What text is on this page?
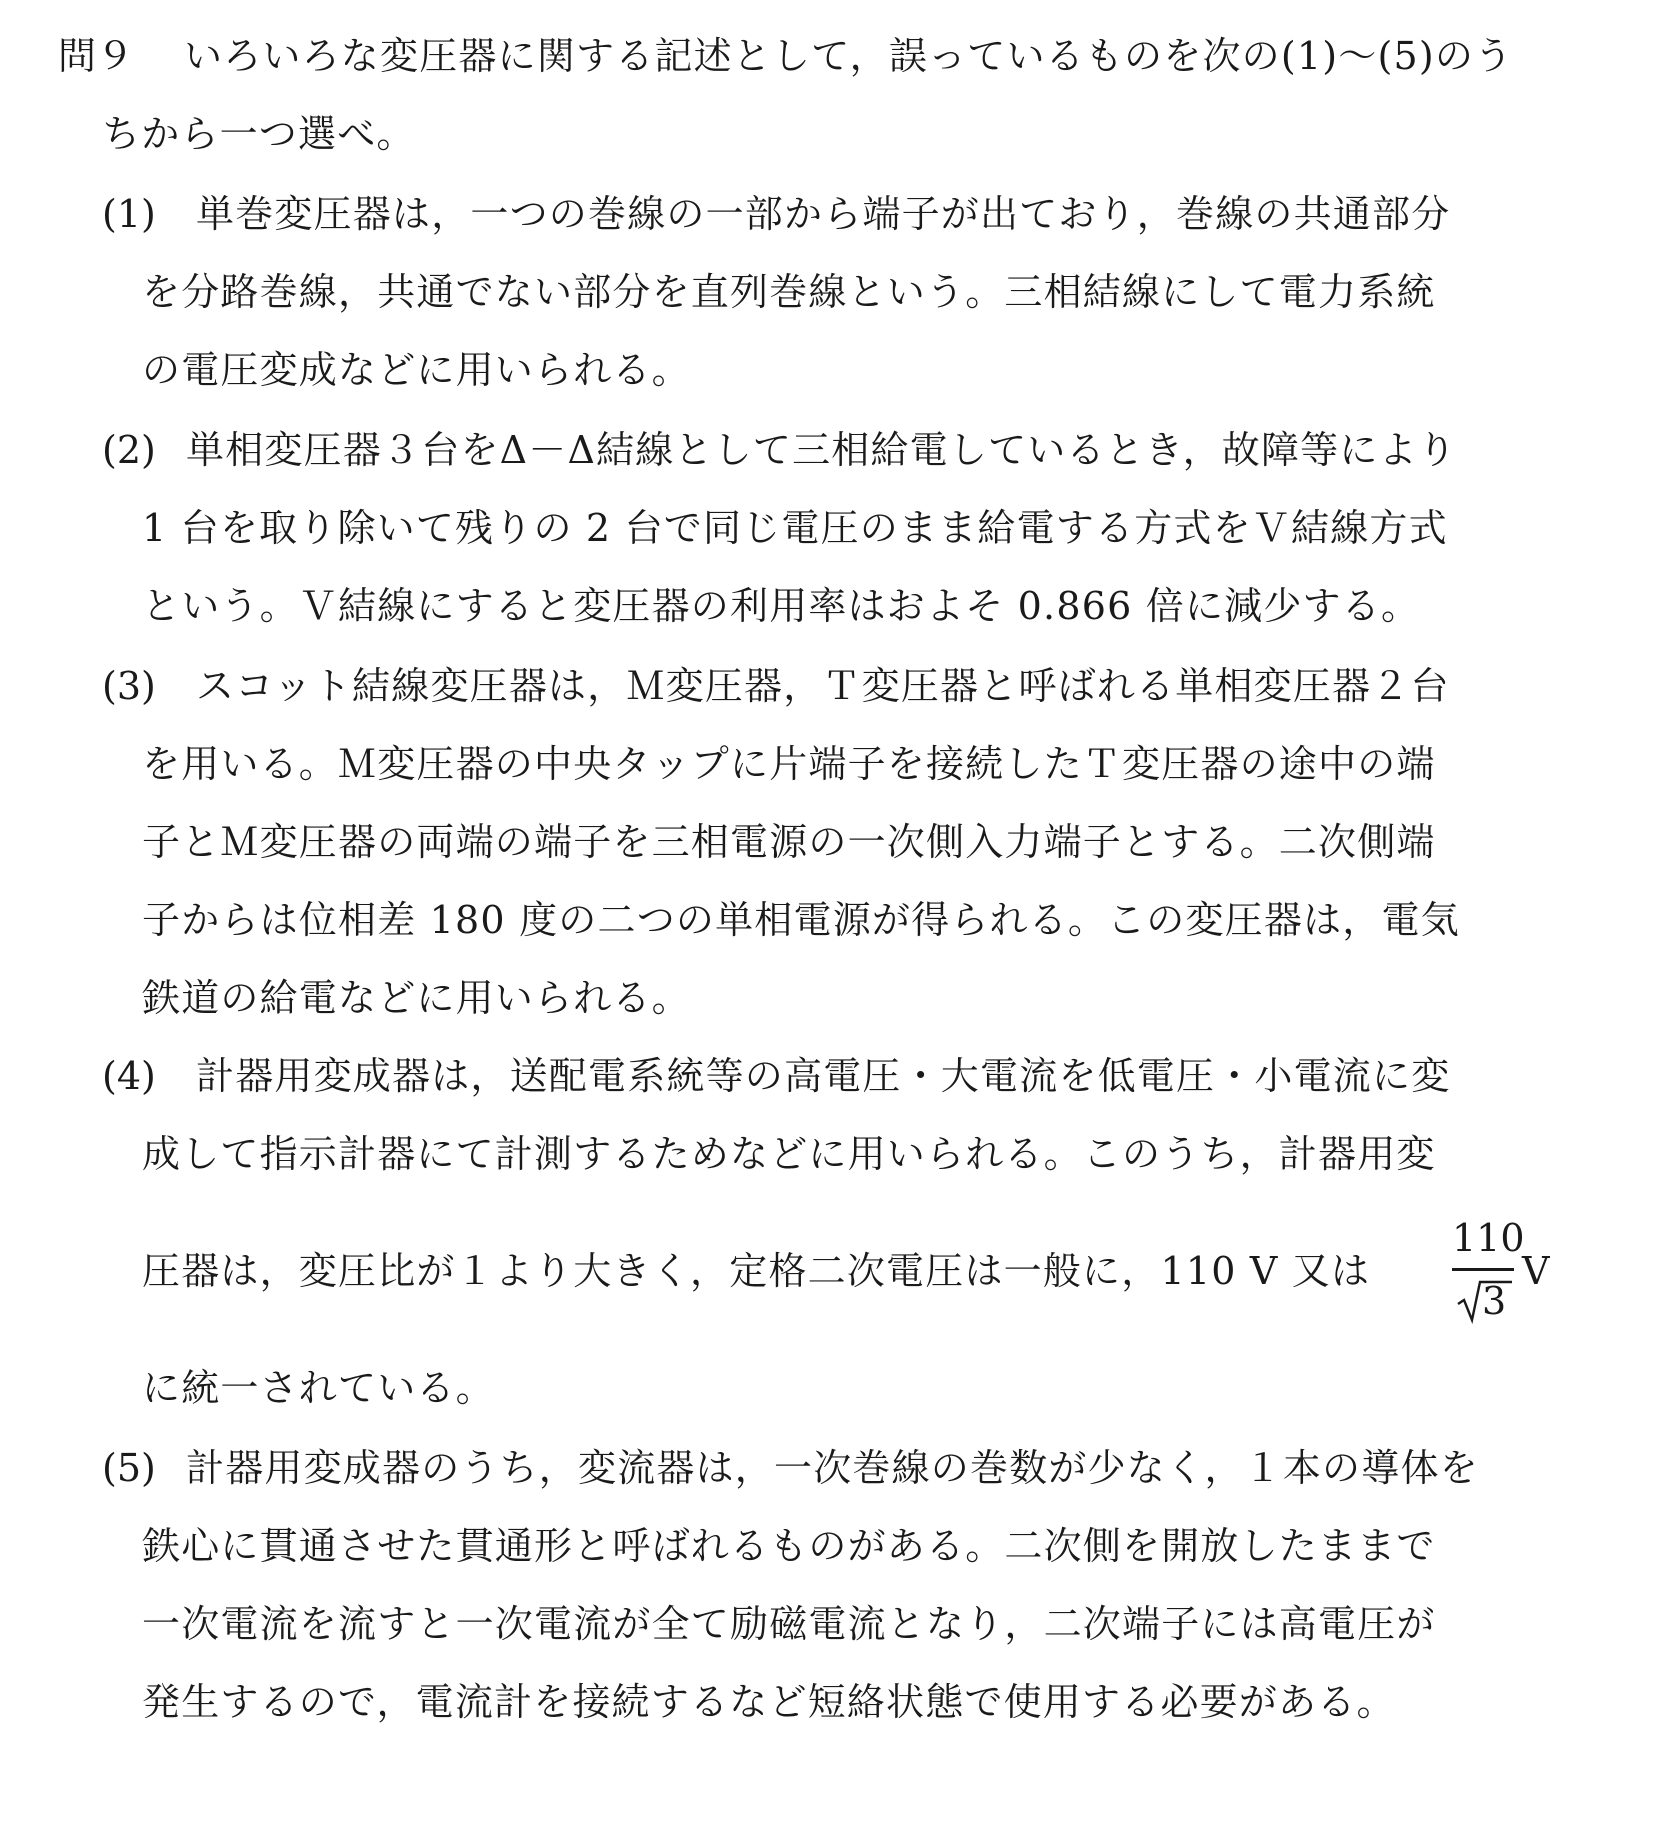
問９ いろいろな変圧器に関する記述として，誤っているものを次の(1)～(5)のう
ちから一つ選べ。
(1) 単巻変圧器は，一つの巻線の一部から端子が出ており，巻線の共通部分
を分路巻線，共通でない部分を直列巻線という。三相結線にして電力系統
の電圧変成などに用いられる。
(2) 単相変圧器３台をΔ－Δ結線として三相給電しているとき，故障等により
1 台を取り除いて残りの 2 台で同じ電圧のまま給電する方式をＶ結線方式
という。Ｖ結線にすると変圧器の利用率はおよそ 0.866 倍に減少する。
(3) スコット結線変圧器は，Ｍ変圧器，Ｔ変圧器と呼ばれる単相変圧器２台
を用いる。Ｍ変圧器の中央タップに片端子を接続したＴ変圧器の途中の端
子とＭ変圧器の両端の端子を三相電源の一次側入力端子とする。二次側端
子からは位相差 180 度の二つの単相電源が得られる。この変圧器は，電気
鉄道の給電などに用いられる。
(4) 計器用変成器は，送配電系統等の高電圧・大電流を低電圧・小電流に変
成して指示計器にて計測するためなどに用いられる。このうち，計器用変
圧器は，変圧比が１より大きく，定格二次電圧は一般に，110 V 又は
110
3
V
に統一されている。
(5) 計器用変成器のうち，変流器は，一次巻線の巻数が少なく，１本の導体を
鉄心に貫通させた貫通形と呼ばれるものがある。二次側を開放したままで
一次電流を流すと一次電流が全て励磁電流となり，二次端子には高電圧が
発生するので，電流計を接続するなど短絡状態で使用する必要がある。
